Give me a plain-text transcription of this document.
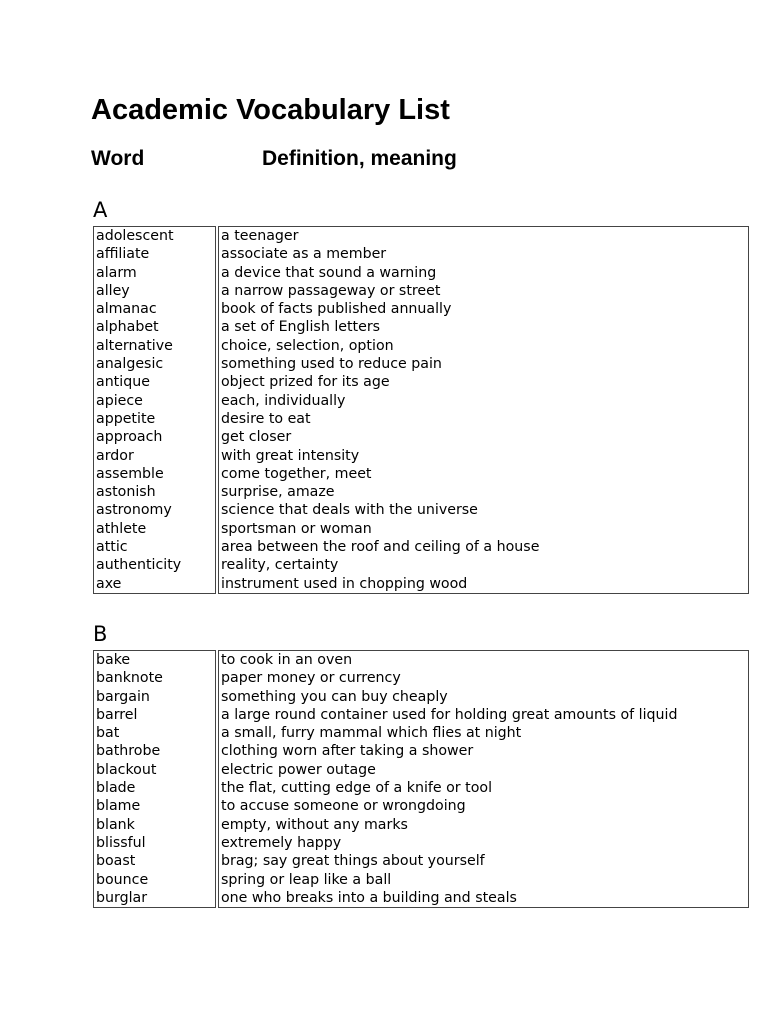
Academic Vocabulary List
Word	Definition, meaning
A
adolescent	a teenager
affiliate	associate as a member
alarm	a device that sound a warning
alley	a narrow passageway or street
almanac	book of facts published annually
alphabet	a set of English letters
alternative	choice, selection, option
analgesic	something used to reduce pain
antique	object prized for its age
apiece	each, individually
appetite	desire to eat
approach	get closer
ardor	with great intensity
assemble	come together, meet
astonish	surprise, amaze
astronomy	science that deals with the universe
athlete	sportsman or woman
attic	area between the roof and ceiling of a house
authenticity	reality, certainty
axe	instrument used in chopping wood
B
bake	to cook in an oven
banknote	paper money or currency
bargain	something you can buy cheaply
barrel	a large round container used for holding great amounts of liquid
bat	a small, furry mammal which flies at night
bathrobe	clothing worn after taking a shower
blackout	electric power outage
blade	the flat, cutting edge of a knife or tool
blame	to accuse someone or wrongdoing
blank	empty, without any marks
blissful	extremely happy
boast	brag; say great things about yourself
bounce	spring or leap like a ball
burglar	one who breaks into a building and steals
